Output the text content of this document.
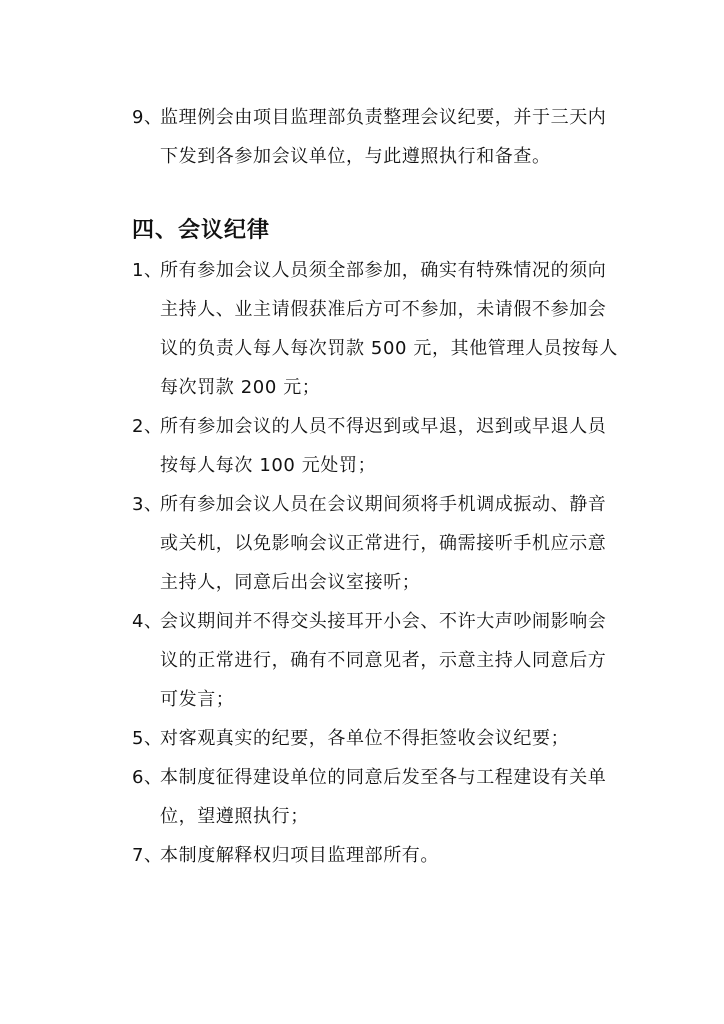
9、
监理例会由项目监理部负责整理会议纪要，并于三天内下发到各参加会议单位，与此遵照执行和备查。
四、会议纪律
1、
所有参加会议人员须全部参加，确实有特殊情况的须向主持人、业主请假获准后方可不参加，未请假不参加会议的负责人每人每次罚款 500 元，其他管理人员按每人每次罚款 200 元；
2、
所有参加会议的人员不得迟到或早退，迟到或早退人员按每人每次 100 元处罚；
3、
所有参加会议人员在会议期间须将手机调成振动、静音或关机，以免影响会议正常进行，确需接听手机应示意主持人，同意后出会议室接听；
4、
会议期间并不得交头接耳开小会、不许大声吵闹影响会议的正常进行，确有不同意见者，示意主持人同意后方可发言；
5、
对客观真实的纪要，各单位不得拒签收会议纪要；
6、
本制度征得建设单位的同意后发至各与工程建设有关单位，望遵照执行；
7、
本制度解释权归项目监理部所有。
